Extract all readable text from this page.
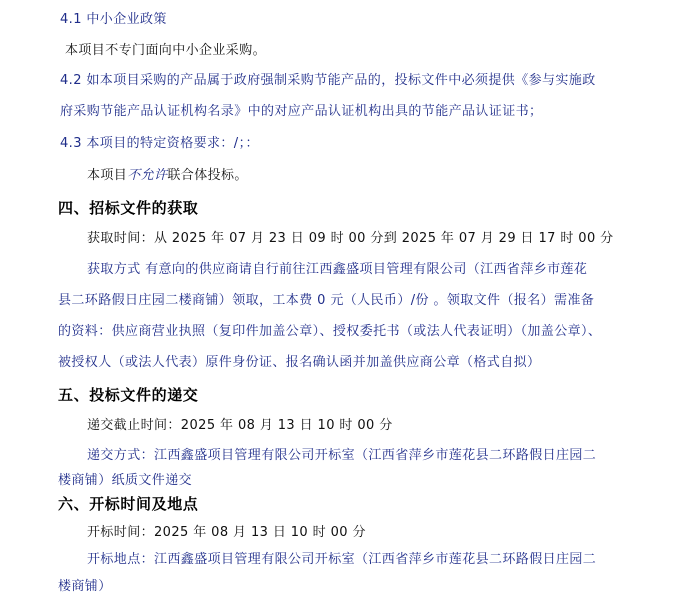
4.1 中小企业政策
本项目不专门面向中小企业采购。
4.2 如本项目采购的产品属于政府强制采购节能产品的，投标文件中必须提供《参与实施政
府采购节能产品认证机构名录》中的对应产品认证机构出具的节能产品认证证书；
4.3 本项目的特定资格要求：/；：
本项目不允许联合体投标。
四、招标文件的获取
获取时间：从 2025 年 07 月 23 日 09 时 00 分到 2025 年 07 月 29 日 17 时 00 分
获取方式 有意向的供应商请自行前往江西鑫盛项目管理有限公司（江西省萍乡市莲花
县二环路假日庄园二楼商铺）领取，工本费 0 元（人民币）/份 。领取文件（报名）需准备
的资料：供应商营业执照（复印件加盖公章）、授权委托书（或法人代表证明）（加盖公章）、
被授权人（或法人代表）原件身份证、报名确认函并加盖供应商公章（格式自拟）
五、投标文件的递交
递交截止时间：2025 年 08 月 13 日 10 时 00 分
递交方式：江西鑫盛项目管理有限公司开标室（江西省萍乡市莲花县二环路假日庄园二
楼商铺）纸质文件递交
六、开标时间及地点
开标时间：2025 年 08 月 13 日 10 时 00 分
开标地点：江西鑫盛项目管理有限公司开标室（江西省萍乡市莲花县二环路假日庄园二
楼商铺）
